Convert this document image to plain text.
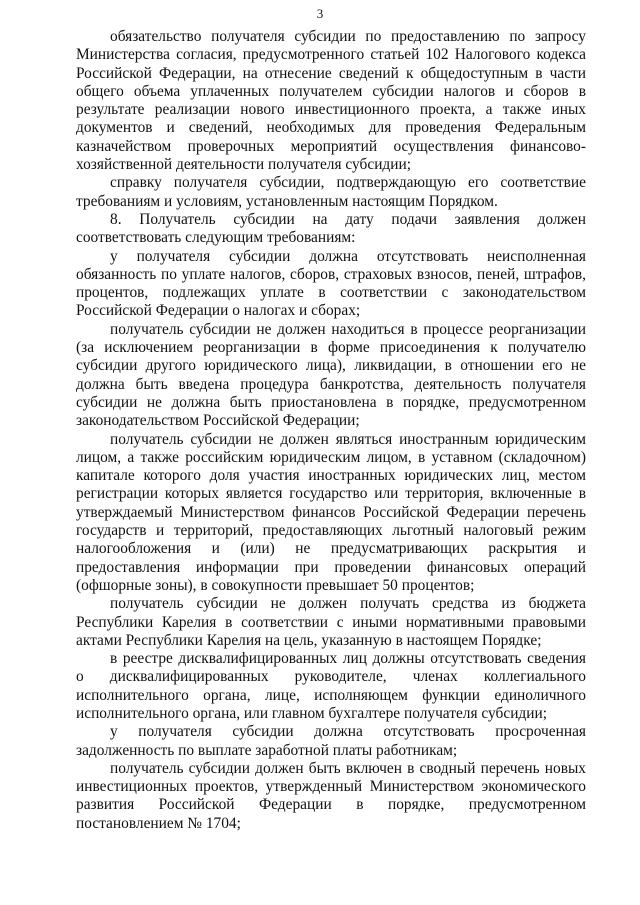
3

обязательство получателя субсидии по предоставлению по запросу Министерства согласия, предусмотренного статьей 102 Налогового кодекса Российской Федерации, на отнесение сведений к общедоступным в части общего объема уплаченных получателем субсидии налогов и сборов в результате реализации нового инвестиционного проекта, а также иных документов и сведений, необходимых для проведения Федеральным казначейством проверочных мероприятий осуществления финансово-хозяйственной деятельности получателя субсидии;

справку получателя субсидии, подтверждающую его соответствие требованиям и условиям, установленным настоящим Порядком.

8. Получатель субсидии на дату подачи заявления должен соответствовать следующим требованиям:

у получателя субсидии должна отсутствовать неисполненная обязанность по уплате налогов, сборов, страховых взносов, пеней, штрафов, процентов, подлежащих уплате в соответствии с законодательством Российской Федерации о налогах и сборах;

получатель субсидии не должен находиться в процессе реорганизации (за исключением реорганизации в форме присоединения к получателю субсидии другого юридического лица), ликвидации, в отношении его не должна быть введена процедура банкротства, деятельность получателя субсидии не должна быть приостановлена в порядке, предусмотренном законодательством Российской Федерации;

получатель субсидии не должен являться иностранным юридическим лицом, а также российским юридическим лицом, в уставном (складочном) капитале которого доля участия иностранных юридических лиц, местом регистрации которых является государство или территория, включенные в утверждаемый Министерством финансов Российской Федерации перечень государств и территорий, предоставляющих льготный налоговый режим налогообложения и (или) не предусматривающих раскрытия и предоставления информации при проведении финансовых операций (офшорные зоны), в совокупности превышает 50 процентов;

получатель субсидии не должен получать средства из бюджета Республики Карелия в соответствии с иными нормативными правовыми актами Республики Карелия на цель, указанную в настоящем Порядке;

в реестре дисквалифицированных лиц должны отсутствовать сведения о дисквалифицированных руководителе, членах коллегиального исполнительного органа, лице, исполняющем функции единоличного исполнительного органа, или главном бухгалтере получателя субсидии;

у получателя субсидии должна отсутствовать просроченная задолженность по выплате заработной платы работникам;

получатель субсидии должен быть включен в сводный перечень новых инвестиционных проектов, утвержденный Министерством экономического развития Российской Федерации в порядке, предусмотренном постановлением № 1704;
